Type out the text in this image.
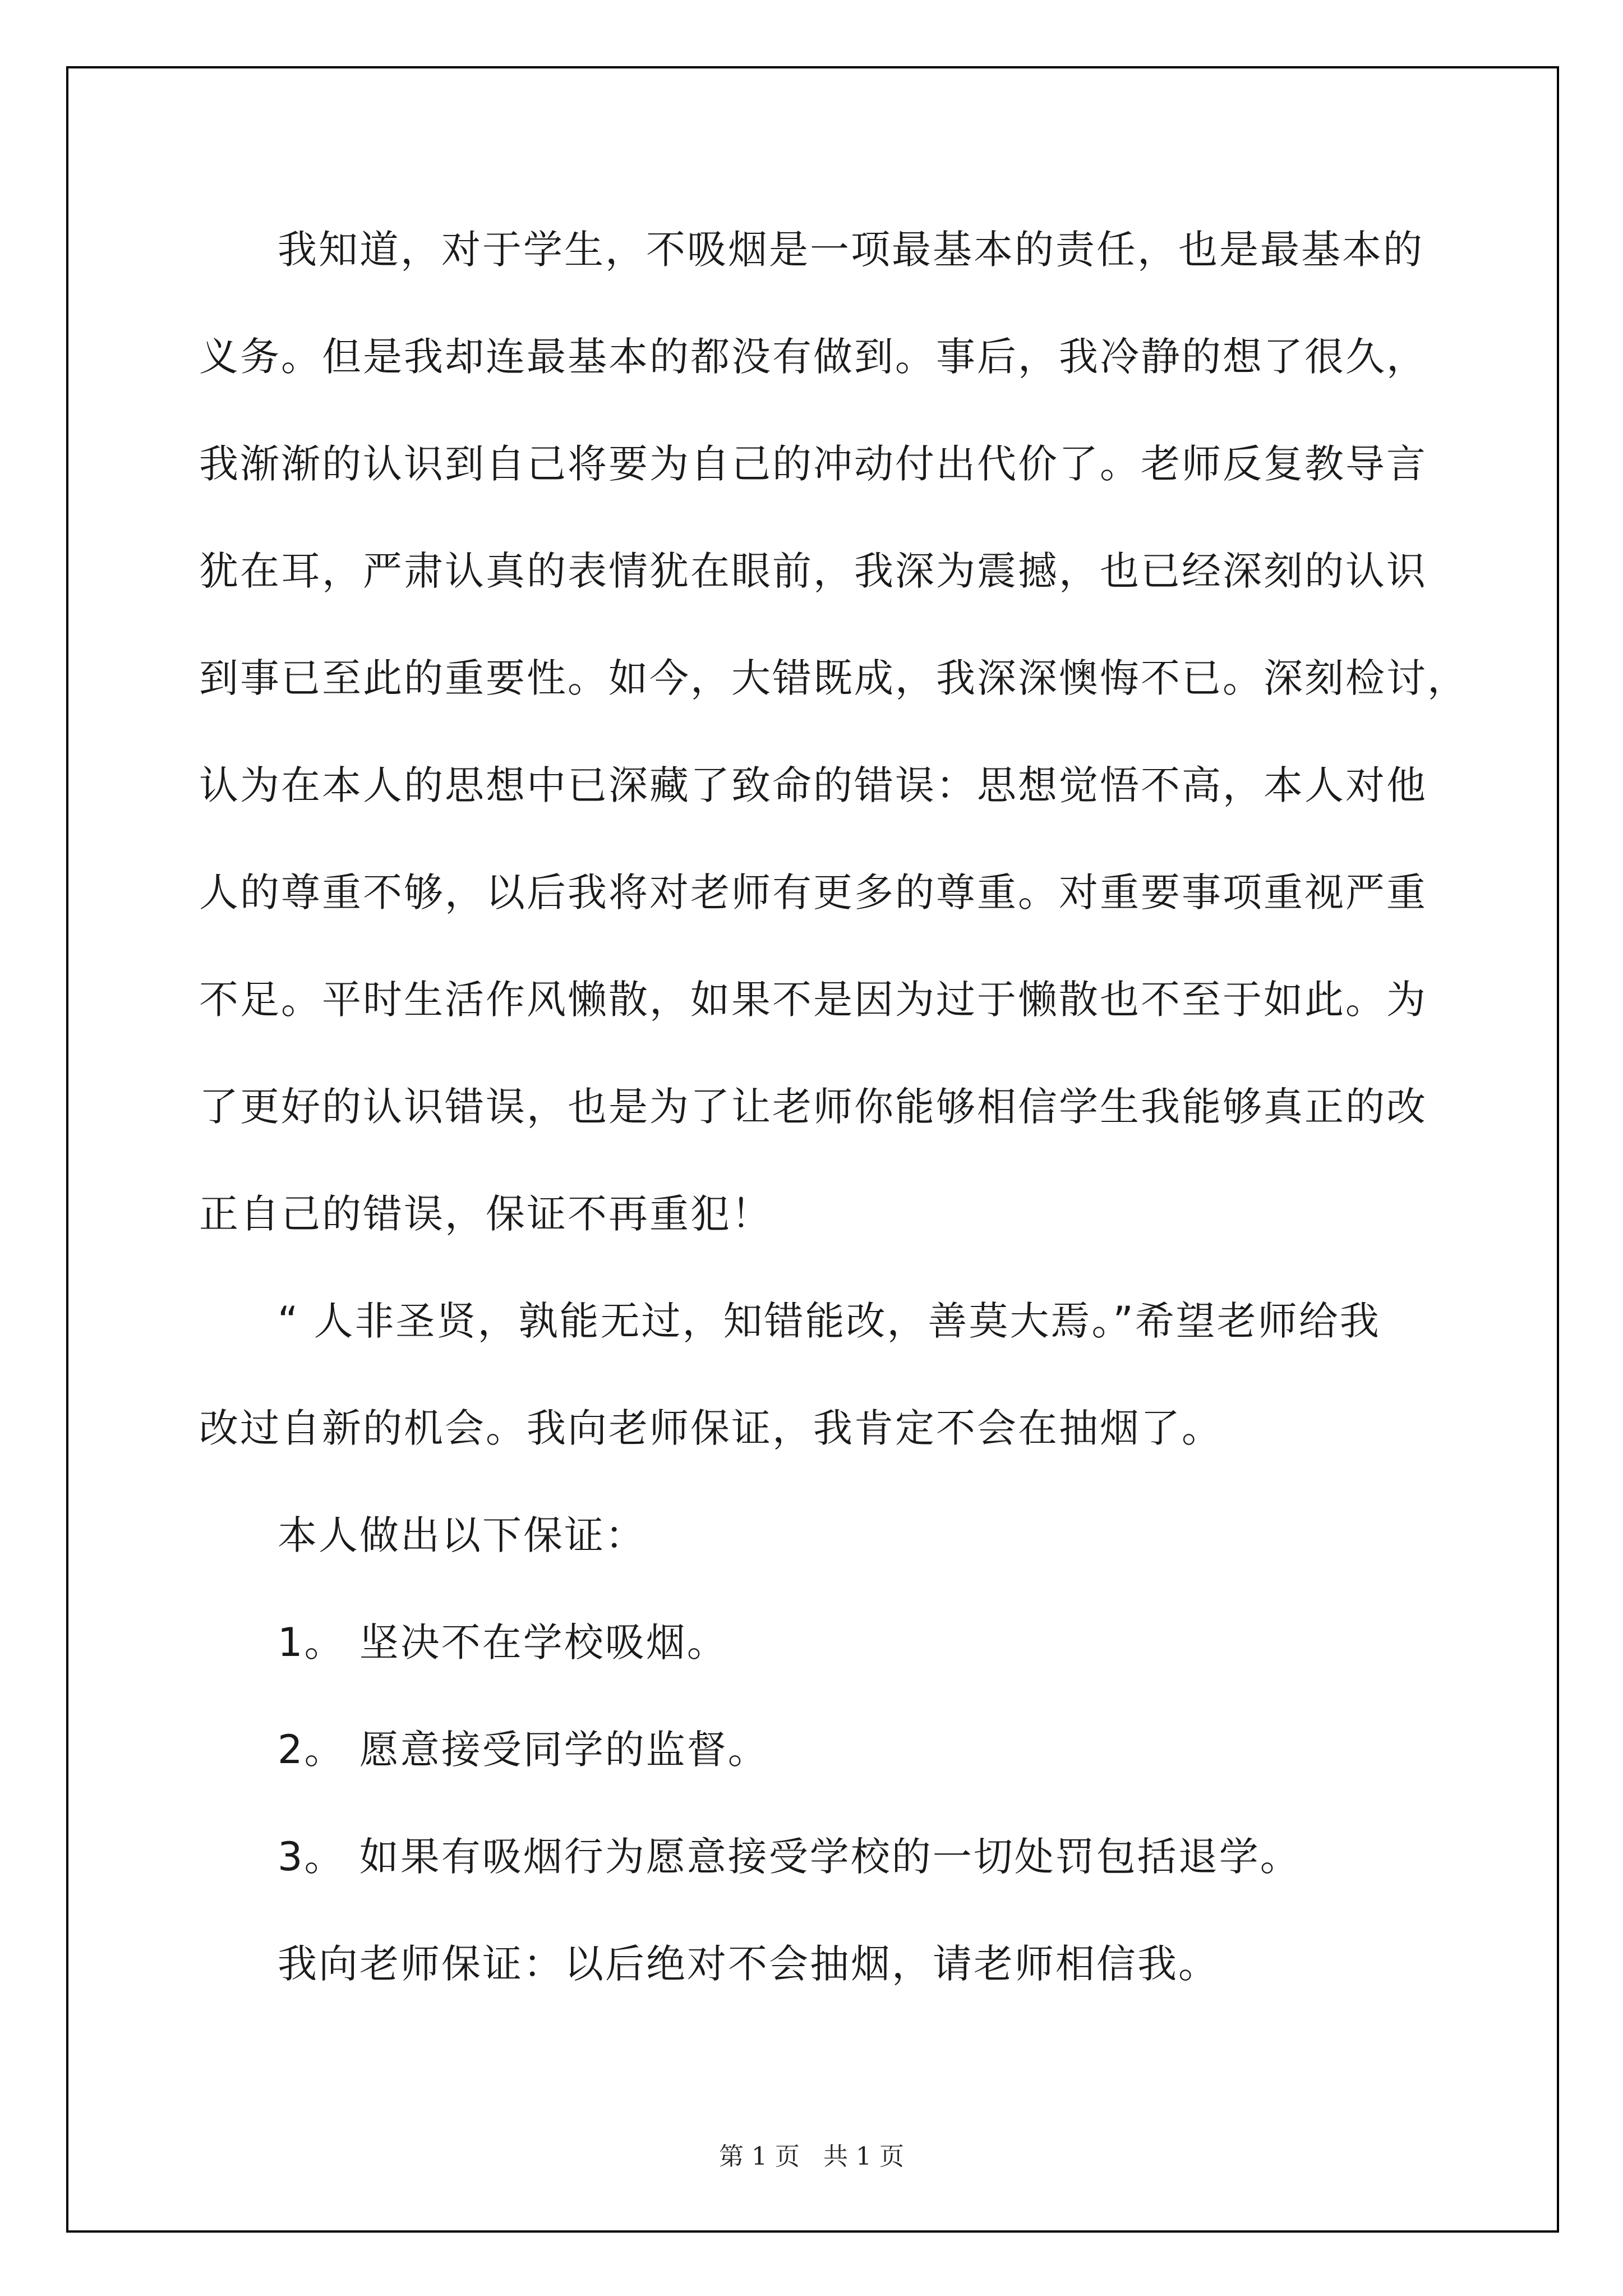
我知道，对于学生，不吸烟是一项最基本的责任，也是最基本的
义务。但是我却连最基本的都没有做到。事后，我冷静的想了很久，
我渐渐的认识到自己将要为自己的冲动付出代价了。老师反复教导言
犹在耳，严肃认真的表情犹在眼前，我深为震撼，也已经深刻的认识
到事已至此的重要性。如今，大错既成，我深深懊悔不已。深刻检讨，
认为在本人的思想中已深藏了致命的错误：思想觉悟不高，本人对他
人的尊重不够，以后我将对老师有更多的尊重。对重要事项重视严重
不足。平时生活作风懒散，如果不是因为过于懒散也不至于如此。为
了更好的认识错误，也是为了让老师你能够相信学生我能够真正的改
正自己的错误，保证不再重犯！
“ 人非圣贤，孰能无过，知错能改，善莫大焉。”希望老师给我
改过自新的机会。我向老师保证，我肯定不会在抽烟了。
本人做出以下保证：
1。 坚决不在学校吸烟。
2。 愿意接受同学的监督。
3。 如果有吸烟行为愿意接受学校的一切处罚包括退学。
我向老师保证：以后绝对不会抽烟，请老师相信我。
第 1 页   共 1 页
